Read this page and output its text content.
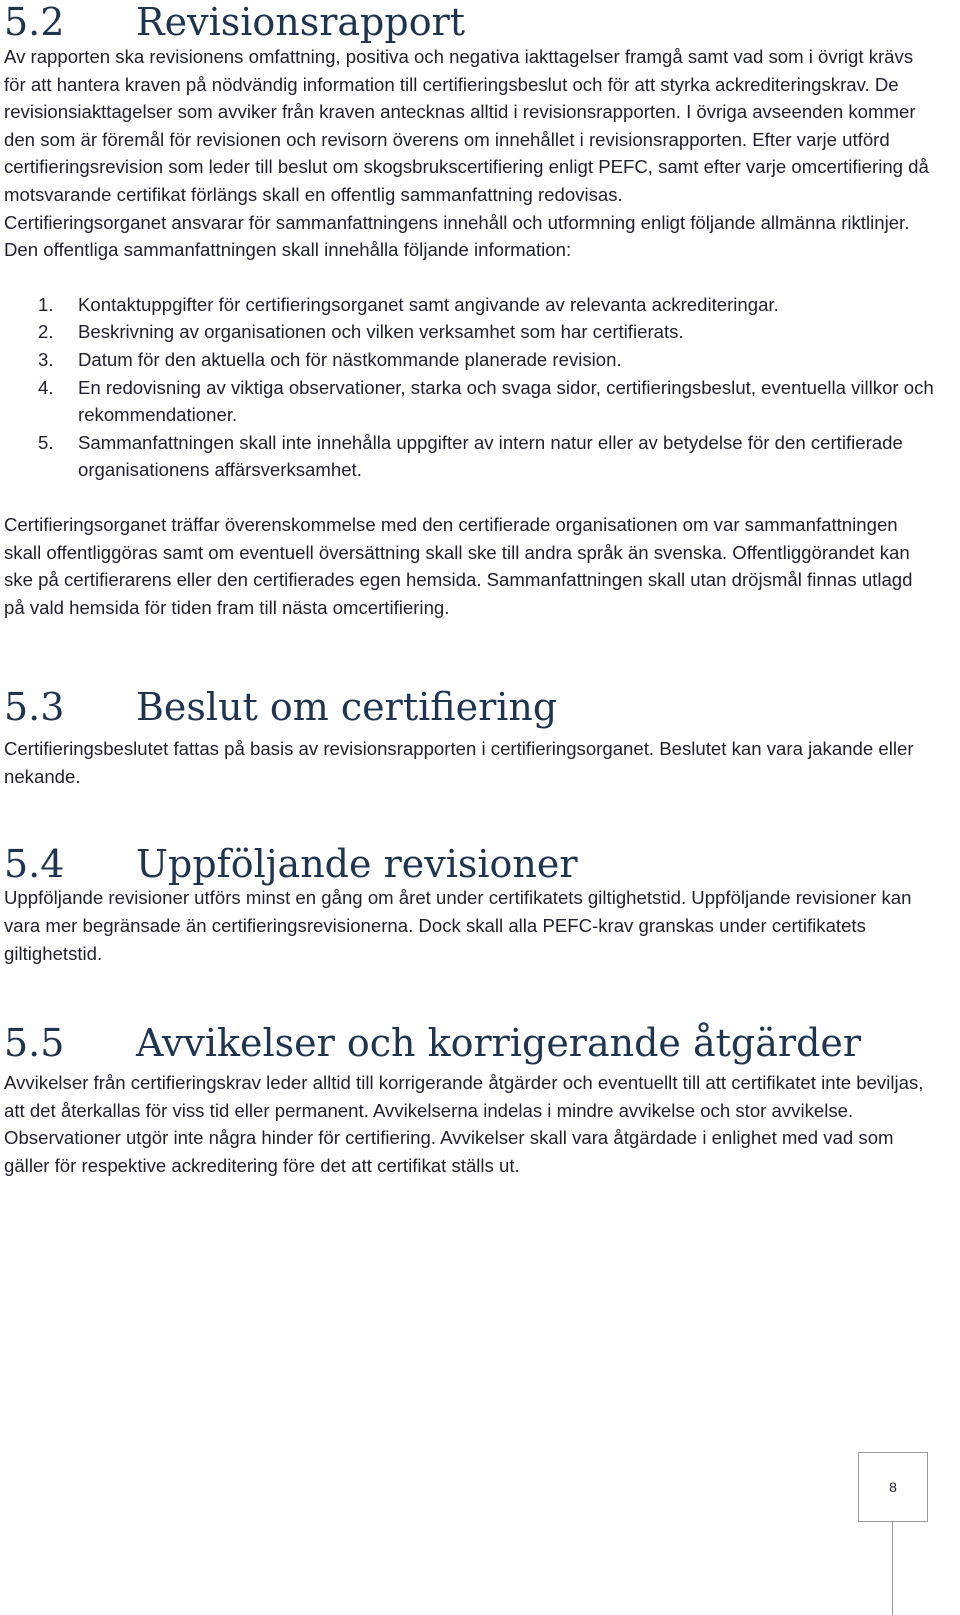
5.2 Revisionsrapport

Av rapporten ska revisionens omfattning, positiva och negativa iakttagelser framgå samt vad som i övrigt krävs för att hantera kraven på nödvändig information till certifieringsbeslut och för att styrka ackrediteringskrav. De revisionsiakttagelser som avviker från kraven antecknas alltid i revisionsrapporten. I övriga avseenden kommer den som är föremål för revisionen och revisorn överens om innehållet i revisionsrapporten. Efter varje utförd certifieringsrevision som leder till beslut om skogsbrukscertifiering enligt PEFC, samt efter varje omcertifiering då motsvarande certifikat förlängs skall en offentlig sammanfattning redovisas.

Certifieringsorganet ansvarar för sammanfattningens innehåll och utformning enligt följande allmänna riktlinjer. Den offentliga sammanfattningen skall innehålla följande information:

1.	Kontaktuppgifter för certifieringsorganet samt angivande av relevanta ackrediteringar.
2.	Beskrivning av organisationen och vilken verksamhet som har certifierats.
3.	Datum för den aktuella och för nästkommande planerade revision.
4.	En redovisning av viktiga observationer, starka och svaga sidor, certifieringsbeslut, eventuella villkor och rekommendationer.
5.	Sammanfattningen skall inte innehålla uppgifter av intern natur eller av betydelse för den certifierade organisationens affärsverksamhet.

Certifieringsorganet träffar överenskommelse med den certifierade organisationen om var sammanfattningen skall offentliggöras samt om eventuell översättning skall ske till andra språk än svenska. Offentliggörandet kan ske på certifierarens eller den certifierades egen hemsida. Sammanfattningen skall utan dröjsmål finnas utlagd på vald hemsida för tiden fram till nästa omcertifiering.

5.3 Beslut om certifiering

Certifieringsbeslutet fattas på basis av revisionsrapporten i certifieringsorganet. Beslutet kan vara jakande eller nekande.

5.4 Uppföljande revisioner

Uppföljande revisioner utförs minst en gång om året under certifikatets giltighetstid. Uppföljande revisioner kan vara mer begränsade än certifieringsrevisionerna. Dock skall alla PEFC-krav granskas under certifikatets giltighetstid.

5.5 Avvikelser och korrigerande åtgärder

Avvikelser från certifieringskrav leder alltid till korrigerande åtgärder och eventuellt till att certifikatet inte beviljas, att det återkallas för viss tid eller permanent. Avvikelserna indelas i mindre avvikelse och stor avvikelse. Observationer utgör inte några hinder för certifiering. Avvikelser skall vara åtgärdade i enlighet med vad som gäller för respektive ackreditering före det att certifikat ställs ut.

8
